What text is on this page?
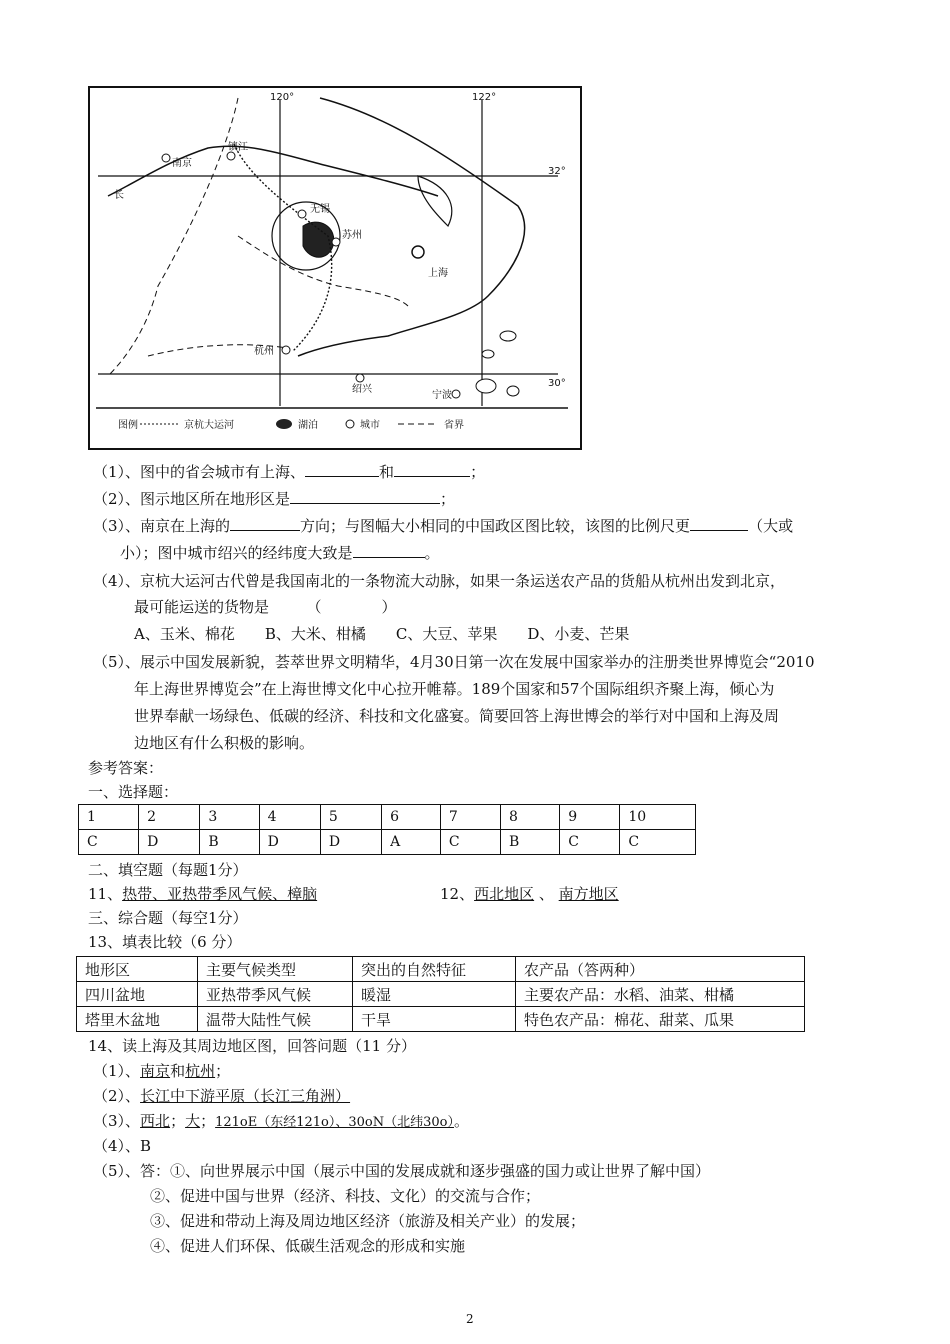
120°	122°
32°
30°
南京
镇江
无锡
苏州
上海
杭州
绍兴
宁波
长
图例	京杭大运河	湖泊	城市	省界
（1）、图中的省会城市有上海、	和	；
（2）、图示地区所在地形区是	；
（3）、南京在上海的	方向；与图幅大小相同的中国政区图比较，该图的比例尺更	（大或
小）；图中城市绍兴的经纬度大致是	。
（4）、京杭大运河古代曾是我国南北的一条物流大动脉，如果一条运送农产品的货船从杭州出发到北京，
最可能运送的货物是　　　（　　　　）
A、玉米、棉花　　B、大米、柑橘　　C、大豆、苹果　　D、小麦、芒果
（5）、展示中国发展新貌，荟萃世界文明精华，4月30日第一次在发展中国家举办的注册类世界博览会“2010
年上海世界博览会”在上海世博文化中心拉开帷幕。189个国家和57个国际组织齐聚上海，倾心为
世界奉献一场绿色、低碳的经济、科技和文化盛宴。简要回答上海世博会的举行对中国和上海及周
边地区有什么积极的影响。
参考答案：
一、选择题：
1	2	3	4	5	6	7	8	9	10
C	D	B	D	D	A	C	B	C	C
二、填空题（每题1分）
11、热带、亚热带季风气候、樟脑	12、西北地区 、 南方地区
三、综合题（每空1分）
13、填表比较（6 分）
地形区	主要气候类型	突出的自然特征	农产品（答两种）
四川盆地	亚热带季风气候	暖湿	主要农产品：水稻、油菜、柑橘
塔里木盆地	温带大陆性气候	干旱	特色农产品：棉花、甜菜、瓜果
14、读上海及其周边地区图，回答问题（11 分）
（1）、南京和杭州；
（2）、长江中下游平原（长江三角洲）
（3）、西北；大；121oE（东经121o）、30oN（北纬30o）。
（4）、B
（5）、答：①、向世界展示中国（展示中国的发展成就和逐步强盛的国力或让世界了解中国）
②、促进中国与世界（经济、科技、文化）的交流与合作；
③、促进和带动上海及周边地区经济（旅游及相关产业）的发展；
④、促进人们环保、低碳生活观念的形成和实施
2
